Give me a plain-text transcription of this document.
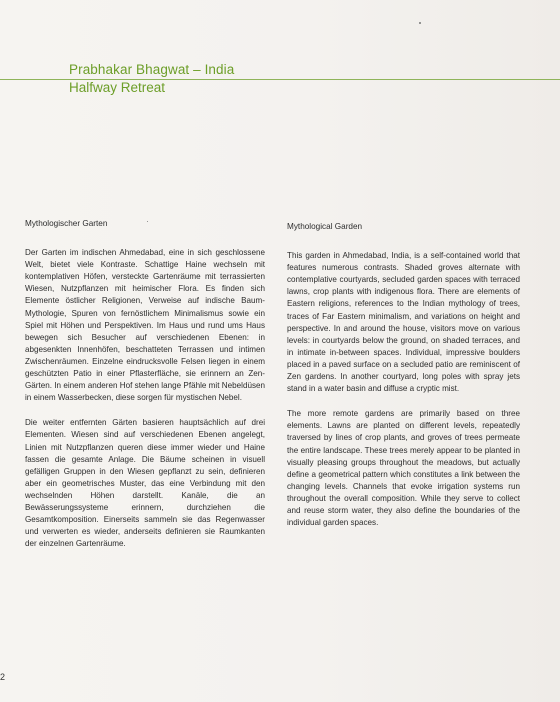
Prabhakar Bhagwat – India
Halfway Retreat
Mythologischer Garten

Der Garten im indischen Ahmedabad, eine in sich geschlossene Welt, bietet viele Kontraste. Schattige Haine wechseln mit kontemplativen Höfen, versteckte Gartenräume mit terrassierten Wiesen, Nutzpflanzen mit heimischer Flora. Es finden sich Elemente östlicher Religionen, Verweise auf indische Baum-Mythologie, Spuren von fernöstlichem Minimalismus sowie ein Spiel mit Höhen und Perspektiven. Im Haus und rund ums Haus bewegen sich Besucher auf verschiedenen Ebenen: in abgesenkten Innenhöfen, beschatteten Terrassen und intimen Zwischenräumen. Einzelne eindrucksvolle Felsen liegen in einem geschützten Patio in einer Pflasterfläche, sie erinnern an Zen-Gärten. In einem anderen Hof stehen lange Pfähle mit Nebeldüsen in einem Wasserbecken, diese sorgen für mystischen Nebel.

Die weiter entfernten Gärten basieren hauptsächlich auf drei Elementen. Wiesen sind auf verschiedenen Ebenen angelegt, Linien mit Nutzpflanzen queren diese immer wieder und Haine fassen die gesamte Anlage. Die Bäume scheinen in visuell gefälligen Gruppen in den Wiesen gepflanzt zu sein, definieren aber ein geometrisches Muster, das eine Verbindung mit den wechselnden Höhen darstellt. Kanäle, die an Bewässerungssysteme erinnern, durchziehen die Gesamtkomposition. Einerseits sammeln sie das Regenwasser und verwerten es wieder, anderseits definieren sie Raumkanten der einzelnen Gartenräume.

Mythological Garden

This garden in Ahmedabad, India, is a self-contained world that features numerous contrasts. Shaded groves alternate with contemplative courtyards, secluded garden spaces with terraced lawns, crop plants with indigenous flora. There are elements of Eastern religions, references to the Indian mythology of trees, traces of Far Eastern minimalism, and variations on height and perspective. In and around the house, visitors move on various levels: in courtyards below the ground, on shaded terraces, and in intimate in-between spaces. Individual, impressive boulders placed in a paved surface on a secluded patio are reminiscent of Zen gardens. In another courtyard, long poles with spray jets stand in a water basin and diffuse a cryptic mist.

The more remote gardens are primarily based on three elements. Lawns are planted on different levels, repeatedly traversed by lines of crop plants, and groves of trees permeate the entire landscape. These trees merely appear to be planted in visually pleasing groups throughout the meadows, but actually define a geometrical pattern which constitutes a link between the changing levels. Channels that evoke irrigation systems run throughout the overall composition. While they serve to collect and reuse storm water, they also define the boundaries of the individual garden spaces.

2
